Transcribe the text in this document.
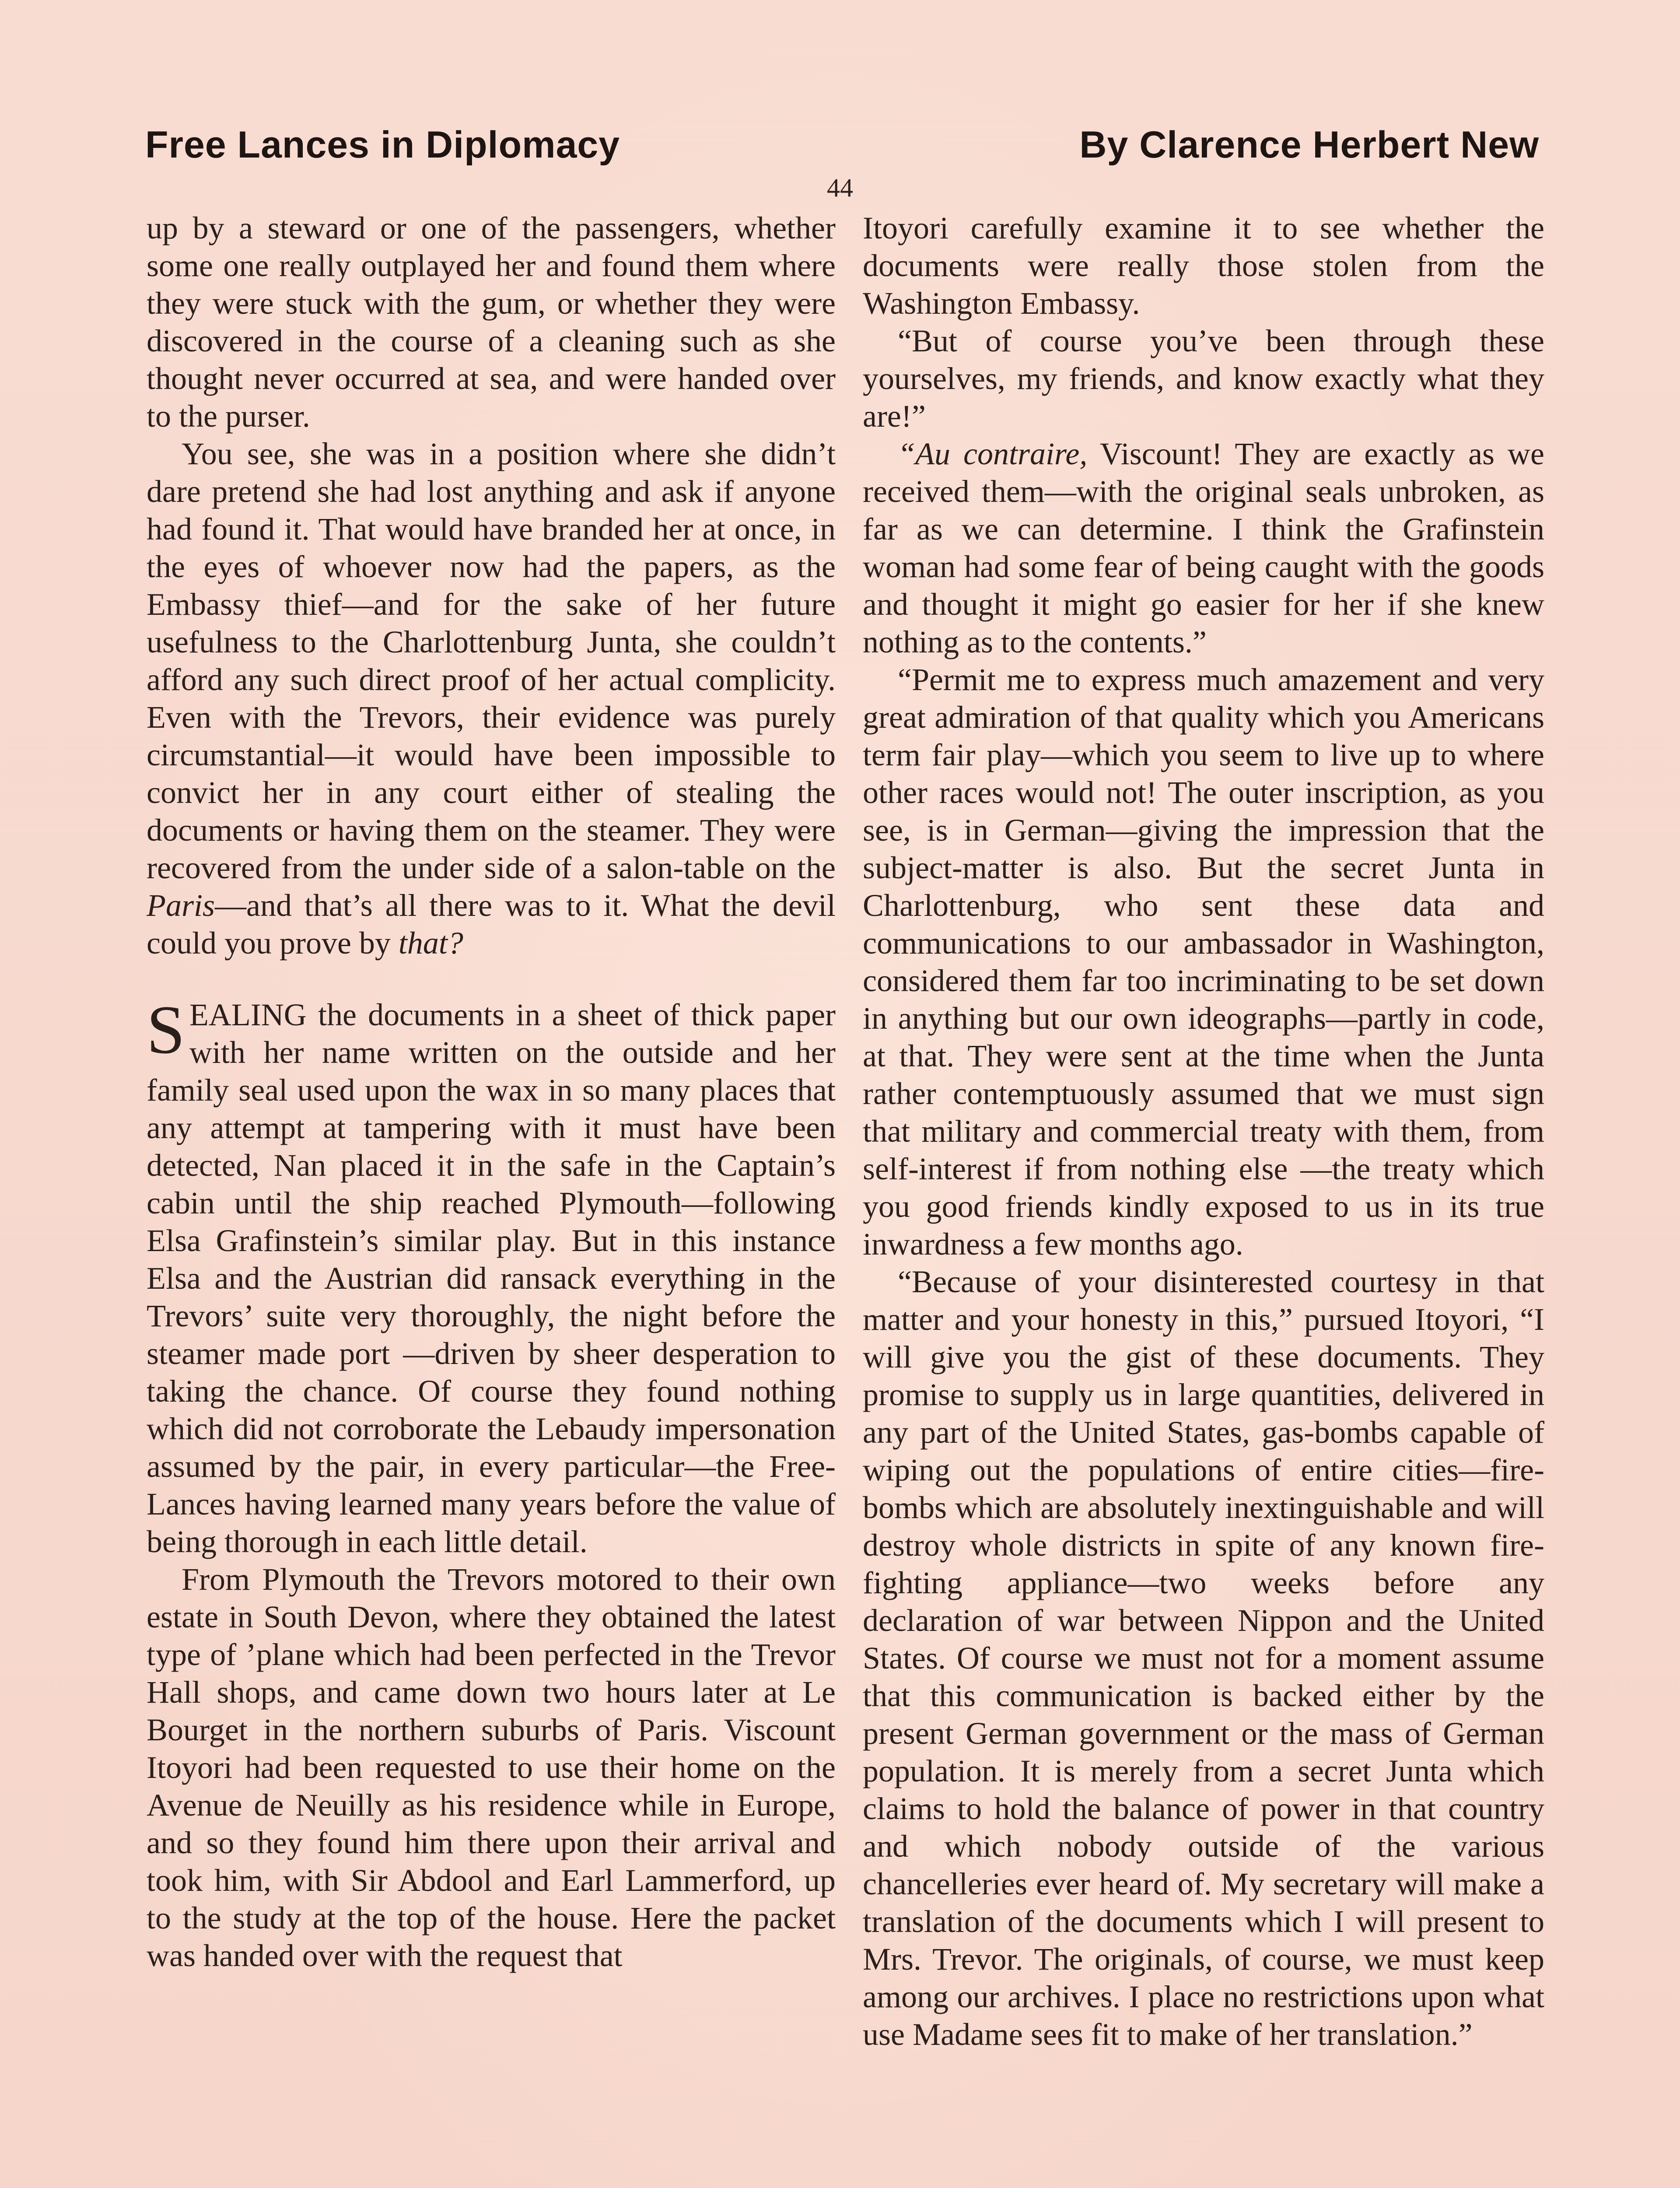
Free Lances in Diplomacy	By Clarence Herbert New
44

up by a steward or one of the passengers, whether some one really outplayed her and found them where they were stuck with the gum, or whether they were discovered in the course of a cleaning such as she thought never occurred at sea, and were handed over to the purser.

You see, she was in a position where she didn’t dare pretend she had lost anything and ask if anyone had found it. That would have branded her at once, in the eyes of whoever now had the papers, as the Embassy thief—and for the sake of her future usefulness to the Charlottenburg Junta, she couldn’t afford any such direct proof of her actual complicity. Even with the Trevors, their evidence was purely circumstantial—it would have been impossible to convict her in any court either of stealing the documents or having them on the steamer. They were recovered from the under side of a salon-table on the Paris—and that’s all there was to it. What the devil could you prove by that?

SEALING the documents in a sheet of thick paper with her name written on the outside and her family seal used upon the wax in so many places that any attempt at tampering with it must have been detected, Nan placed it in the safe in the Captain’s cabin until the ship reached Plymouth—following Elsa Grafinstein’s similar play. But in this instance Elsa and the Austrian did ransack everything in the Trevors’ suite very thoroughly, the night before the steamer made port —driven by sheer desperation to taking the chance. Of course they found nothing which did not corroborate the Lebaudy impersonation assumed by the pair, in every particular—the Free-Lances having learned many years before the value of being thorough in each little detail.

From Plymouth the Trevors motored to their own estate in South Devon, where they obtained the latest type of ’plane which had been perfected in the Trevor Hall shops, and came down two hours later at Le Bourget in the northern suburbs of Paris. Viscount Itoyori had been requested to use their home on the Avenue de Neuilly as his residence while in Europe, and so they found him there upon their arrival and took him, with Sir Abdool and Earl Lammerford, up to the study at the top of the house. Here the packet was handed over with the request that

Itoyori carefully examine it to see whether the documents were really those stolen from the Washington Embassy.

“But of course you’ve been through these yourselves, my friends, and know exactly what they are!”

“Au contraire, Viscount! They are exactly as we received them—with the original seals unbroken, as far as we can determine. I think the Grafinstein woman had some fear of being caught with the goods and thought it might go easier for her if she knew nothing as to the contents.”

“Permit me to express much amazement and very great admiration of that quality which you Americans term fair play—which you seem to live up to where other races would not! The outer inscription, as you see, is in German—giving the impression that the subject-matter is also. But the secret Junta in Charlottenburg, who sent these data and communications to our ambassador in Washington, considered them far too incriminating to be set down in anything but our own ideographs—partly in code, at that. They were sent at the time when the Junta rather contemptuously assumed that we must sign that military and commercial treaty with them, from self-interest if from nothing else —the treaty which you good friends kindly exposed to us in its true inwardness a few months ago.

“Because of your disinterested courtesy in that matter and your honesty in this,” pursued Itoyori, “I will give you the gist of these documents. They promise to supply us in large quantities, delivered in any part of the United States, gas-bombs capable of wiping out the populations of entire cities—fire-bombs which are absolutely inextinguishable and will destroy whole districts in spite of any known fire-fighting appliance—two weeks before any declaration of war between Nippon and the United States. Of course we must not for a moment assume that this communication is backed either by the present German government or the mass of German population. It is merely from a secret Junta which claims to hold the balance of power in that country and which nobody outside of the various chancelleries ever heard of. My secretary will make a translation of the documents which I will present to Mrs. Trevor. The originals, of course, we must keep among our archives. I place no restrictions upon what use Madame sees fit to make of her translation.”
